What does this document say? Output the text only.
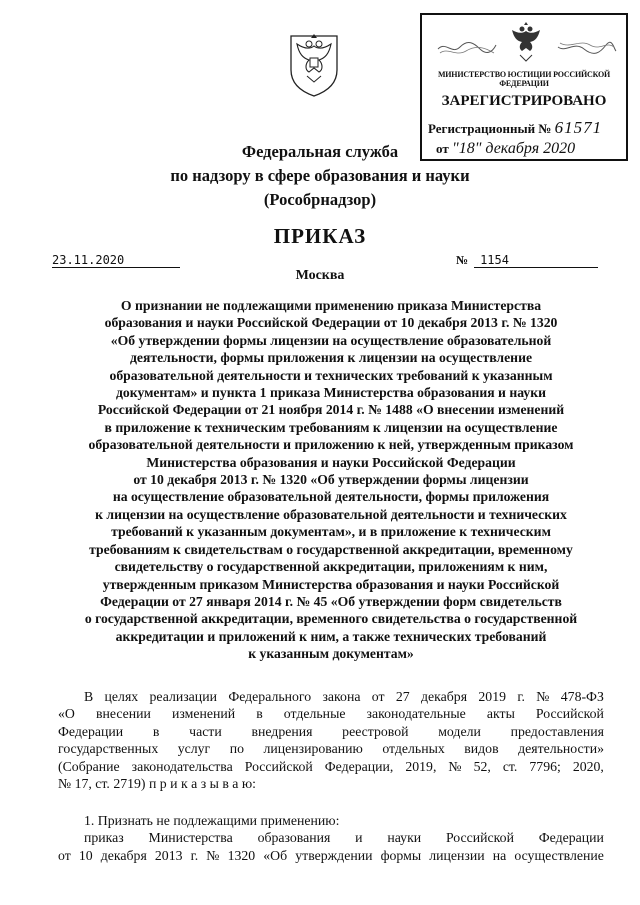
МИНИСТЕРСТВО ЮСТИЦИИ РОССИЙСКОЙ ФЕДЕРАЦИИ
ЗАРЕГИСТРИРОВАНО
Регистрационный № 61571
от "18" декабря 2020
Федеральная служба
по надзору в сфере образования и науки
(Рособрнадзор)
ПРИКАЗ
23.11.2020	№ 1154
Москва
О признании не подлежащими применению приказа Министерства
образования и науки Российской Федерации от 10 декабря 2013 г. № 1320
«Об утверждении формы лицензии на осуществление образовательной
деятельности, формы приложения к лицензии на осуществление
образовательной деятельности и технических требований к указанным
документам» и пункта 1 приказа Министерства образования и науки
Российской Федерации от 21 ноября 2014 г. № 1488 «О внесении изменений
в приложение к техническим требованиям к лицензии на осуществление
образовательной деятельности и приложению к ней, утвержденным приказом
Министерства образования и науки Российской Федерации
от 10 декабря 2013 г. № 1320 «Об утверждении формы лицензии
на осуществление образовательной деятельности, формы приложения
к лицензии на осуществление образовательной деятельности и технических
требований к указанным документам», и в приложение к техническим
требованиям к свидетельствам о государственной аккредитации, временному
свидетельству о государственной аккредитации, приложениям к ним,
утвержденным приказом Министерства образования и науки Российской
Федерации от 27 января 2014 г. № 45 «Об утверждении форм свидетельств
о государственной аккредитации, временного свидетельства о государственной
аккредитации и приложений к ним, а также технических требований
к указанным документам»
В целях реализации Федерального закона от 27 декабря 2019 г. № 478-ФЗ
«О внесении изменений в отдельные законодательные акты Российской
Федерации в части внедрения реестровой модели предоставления
государственных услуг по лицензированию отдельных видов деятельности»
(Собрание законодательства Российской Федерации, 2019, № 52, ст. 7796; 2020,
№ 17, ст. 2719) п р и к а з ы в а ю:
1. Признать не подлежащими применению:
приказ Министерства образования и науки Российской Федерации
от 10 декабря 2013 г. № 1320 «Об утверждении формы лицензии на осуществление
